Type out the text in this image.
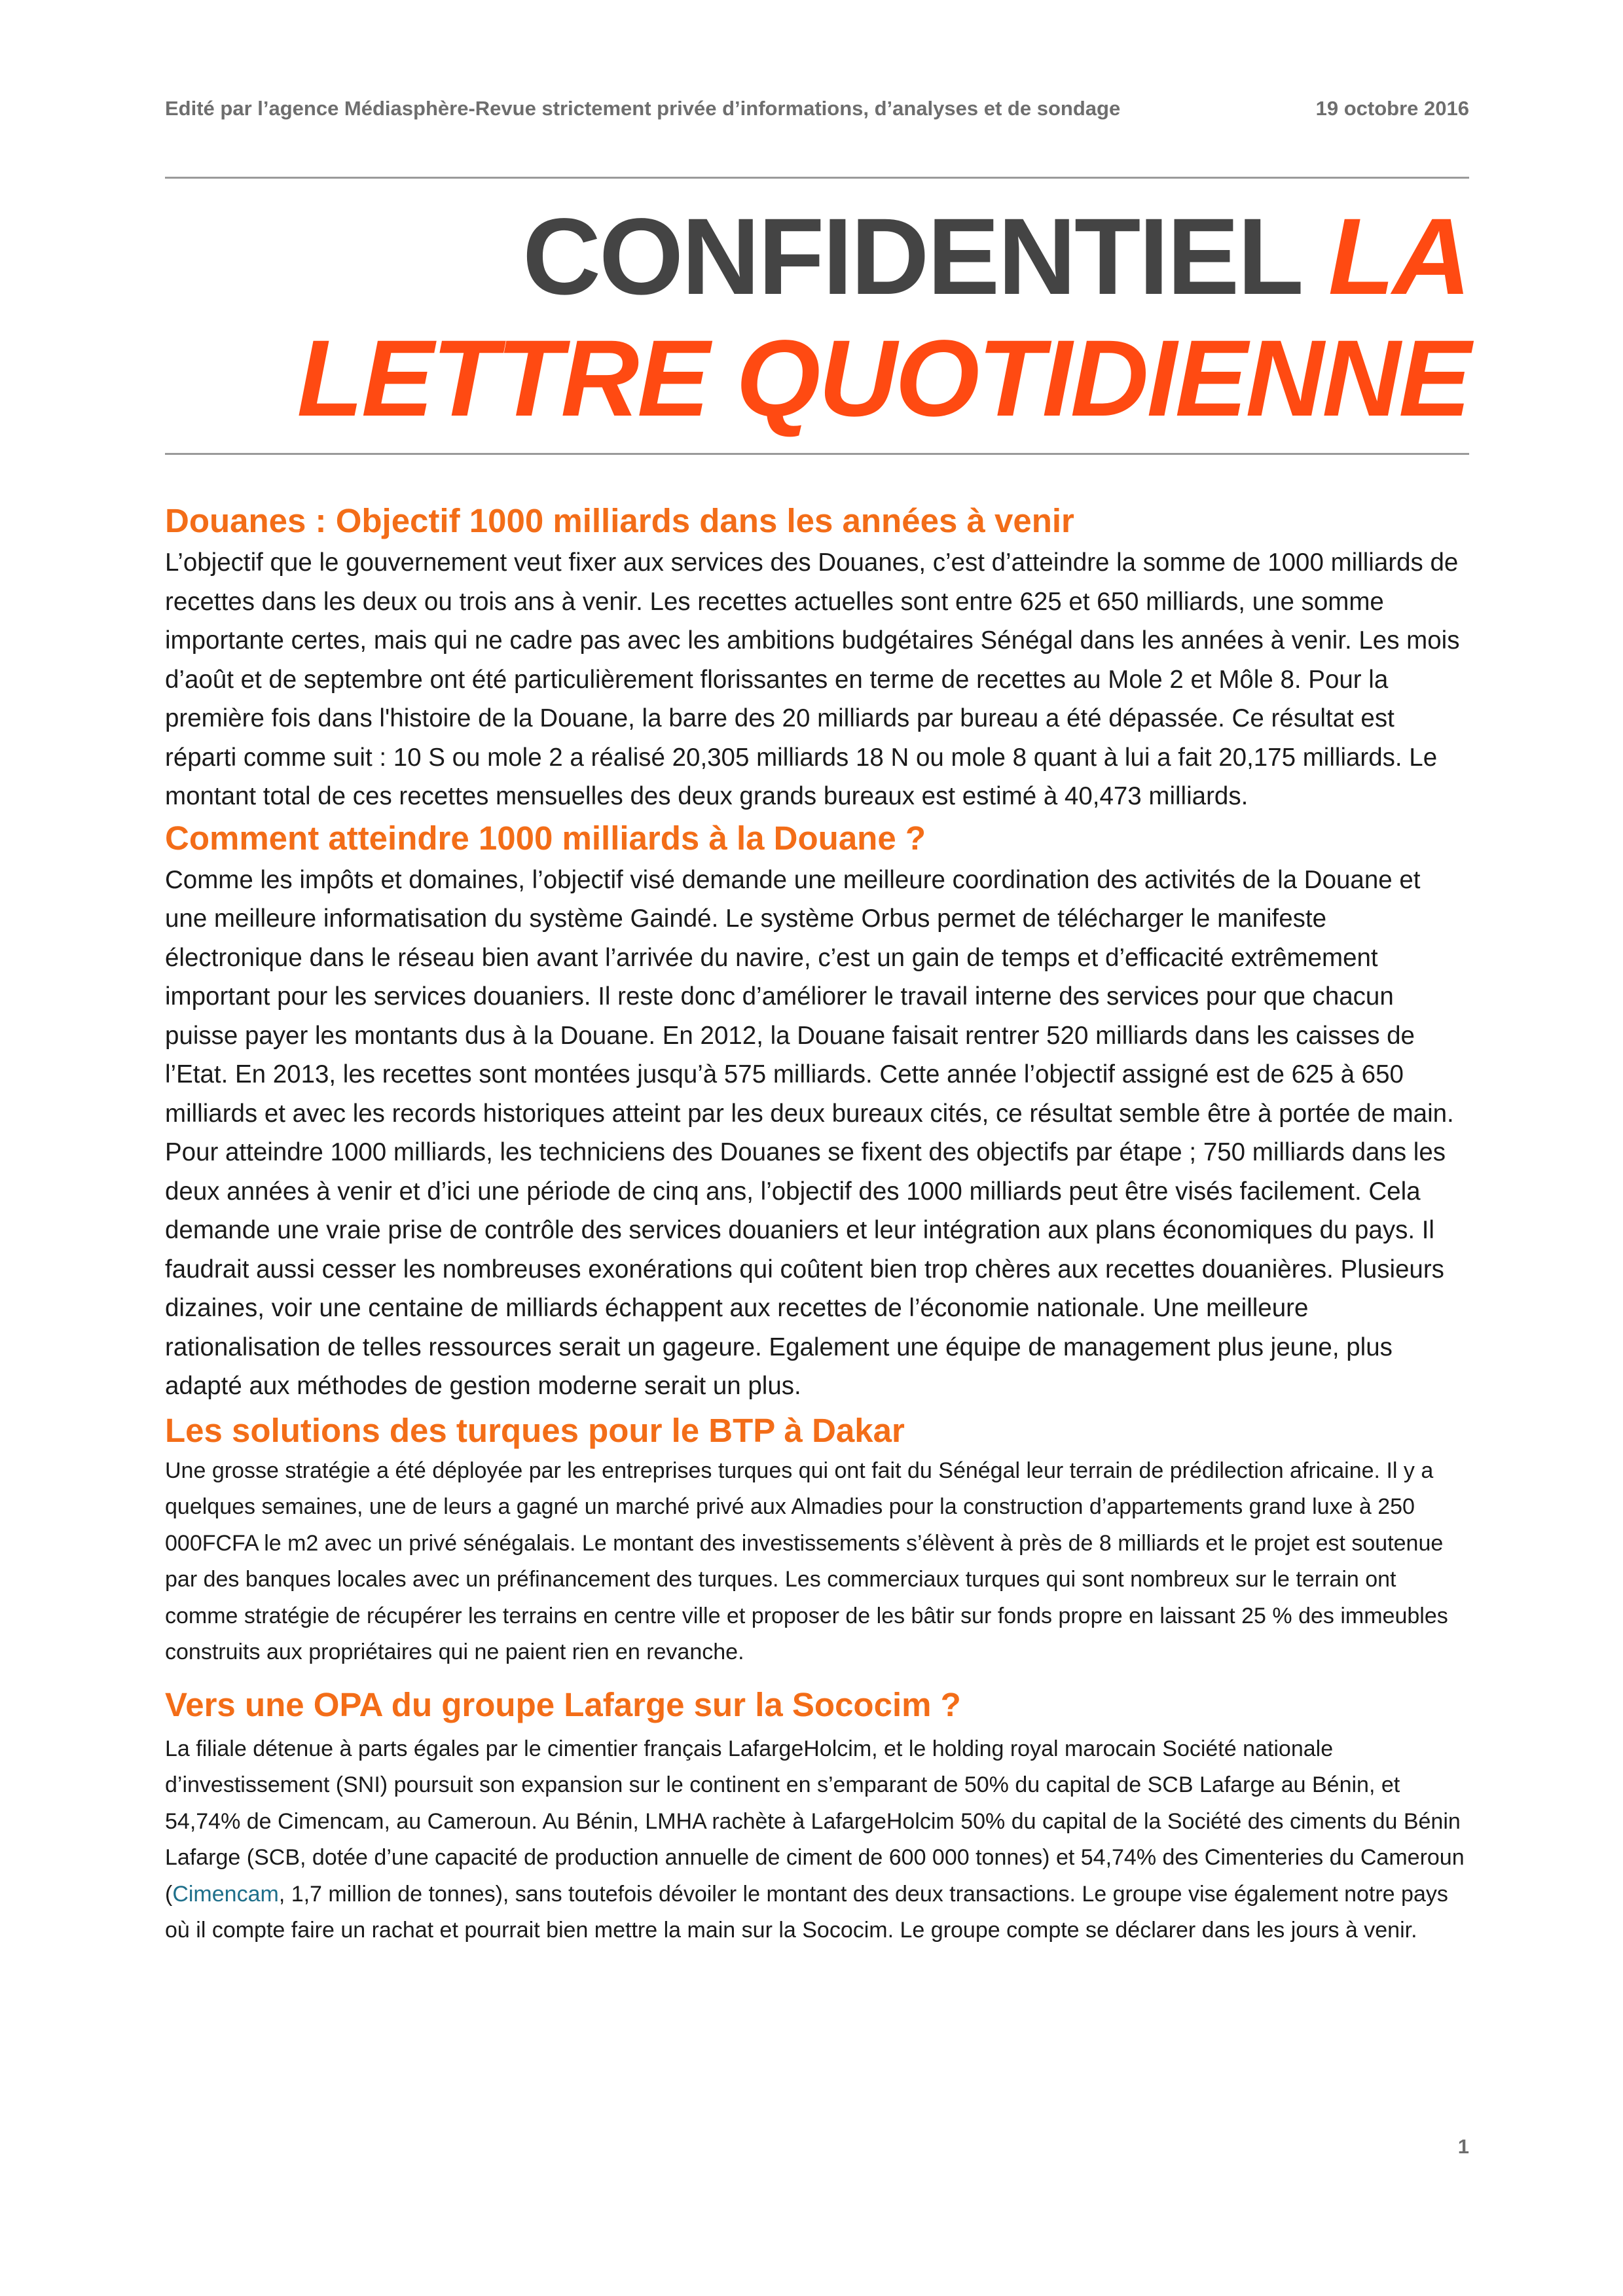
Edité par l’agence Médiasphère-Revue strictement privée d’informations, d’analyses et de sondage	19 octobre 2016
CONFIDENTIEL LA
LETTRE QUOTIDIENNE
Douanes : Objectif 1000 milliards dans les années à venir

L’objectif que le gouvernement veut fixer aux services des Douanes, c’est d’atteindre la somme de 1000 milliards de recettes dans les deux ou trois ans à venir. Les recettes actuelles sont entre 625 et 650 milliards, une somme importante certes, mais qui ne cadre pas avec les ambitions budgétaires Sénégal dans les années à venir. Les mois d’août et de septembre ont été particulièrement florissantes en terme de recettes au Mole 2 et Môle 8. Pour la première fois dans l'histoire de la Douane, la barre des 20 milliards par bureau a été dépassée. Ce résultat est réparti comme suit : 10 S ou mole 2 a réalisé 20,305 milliards 18 N ou mole 8 quant à lui a fait 20,175 milliards. Le montant total de ces recettes mensuelles des deux grands bureaux est estimé à 40,473 milliards.

Comment atteindre 1000 milliards à la Douane ?

Comme les impôts et domaines, l’objectif visé demande une meilleure coordination des activités de la Douane et une meilleure informatisation du système Gaindé. Le système Orbus permet de télécharger le manifeste électronique dans le réseau bien avant l’arrivée du navire, c’est un gain de temps et d’efficacité extrêmement important pour les services douaniers. Il reste donc d’améliorer le travail interne des services pour que chacun puisse payer les montants dus à la Douane. En 2012, la Douane faisait rentrer 520 milliards dans les caisses de l’Etat. En 2013, les recettes sont montées jusqu’à 575 milliards. Cette année l’objectif assigné est de 625 à 650 milliards et avec les records historiques atteint par les deux bureaux cités, ce résultat semble être à portée de main. Pour atteindre 1000 milliards, les techniciens des Douanes se fixent des objectifs par étape ; 750 milliards dans les deux années à venir et d’ici une période de cinq ans, l’objectif des 1000 milliards peut être visés facilement. Cela demande une vraie prise de contrôle des services douaniers et leur intégration aux plans économiques du pays. Il faudrait aussi cesser les nombreuses exonérations qui coûtent bien trop chères aux recettes douanières. Plusieurs dizaines, voir une centaine de milliards échappent aux recettes de l’économie nationale. Une meilleure rationalisation de telles ressources serait un gageure. Egalement une équipe de management plus jeune, plus adapté aux méthodes de gestion moderne serait un plus.

Les solutions des turques pour le BTP à Dakar

Une grosse stratégie a été déployée par les entreprises turques qui ont fait du Sénégal leur terrain de prédilection africaine. Il y a quelques semaines, une de leurs a gagné un marché privé aux Almadies pour la construction d’appartements grand luxe à 250 000FCFA le m2 avec un privé sénégalais. Le montant des investissements s’élèvent à près de 8 milliards et le projet est soutenue par des banques locales avec un préfinancement des turques. Les commerciaux turques qui sont nombreux sur le terrain ont comme stratégie de récupérer les terrains en centre ville et proposer de les bâtir sur fonds propre en laissant 25 % des immeubles construits aux propriétaires qui ne paient rien en revanche.

Vers une OPA du groupe Lafarge sur la Sococim ?

La filiale détenue à parts égales par le cimentier français LafargeHolcim, et le holding royal marocain Société nationale d’investissement (SNI) poursuit son expansion sur le continent en s’emparant de 50% du capital de SCB Lafarge au Bénin, et 54,74% de Cimencam, au Cameroun. Au Bénin, LMHA rachète à LafargeHolcim 50% du capital de la Société des ciments du Bénin Lafarge (SCB, dotée d’une capacité de production annuelle de ciment de 600 000 tonnes) et 54,74% des Cimenteries du Cameroun (Cimencam, 1,7 million de tonnes), sans toutefois dévoiler le montant des deux transactions. Le groupe vise également notre pays où il compte faire un rachat et pourrait bien mettre la main sur la Sococim. Le groupe compte se déclarer dans les jours à venir.

1
